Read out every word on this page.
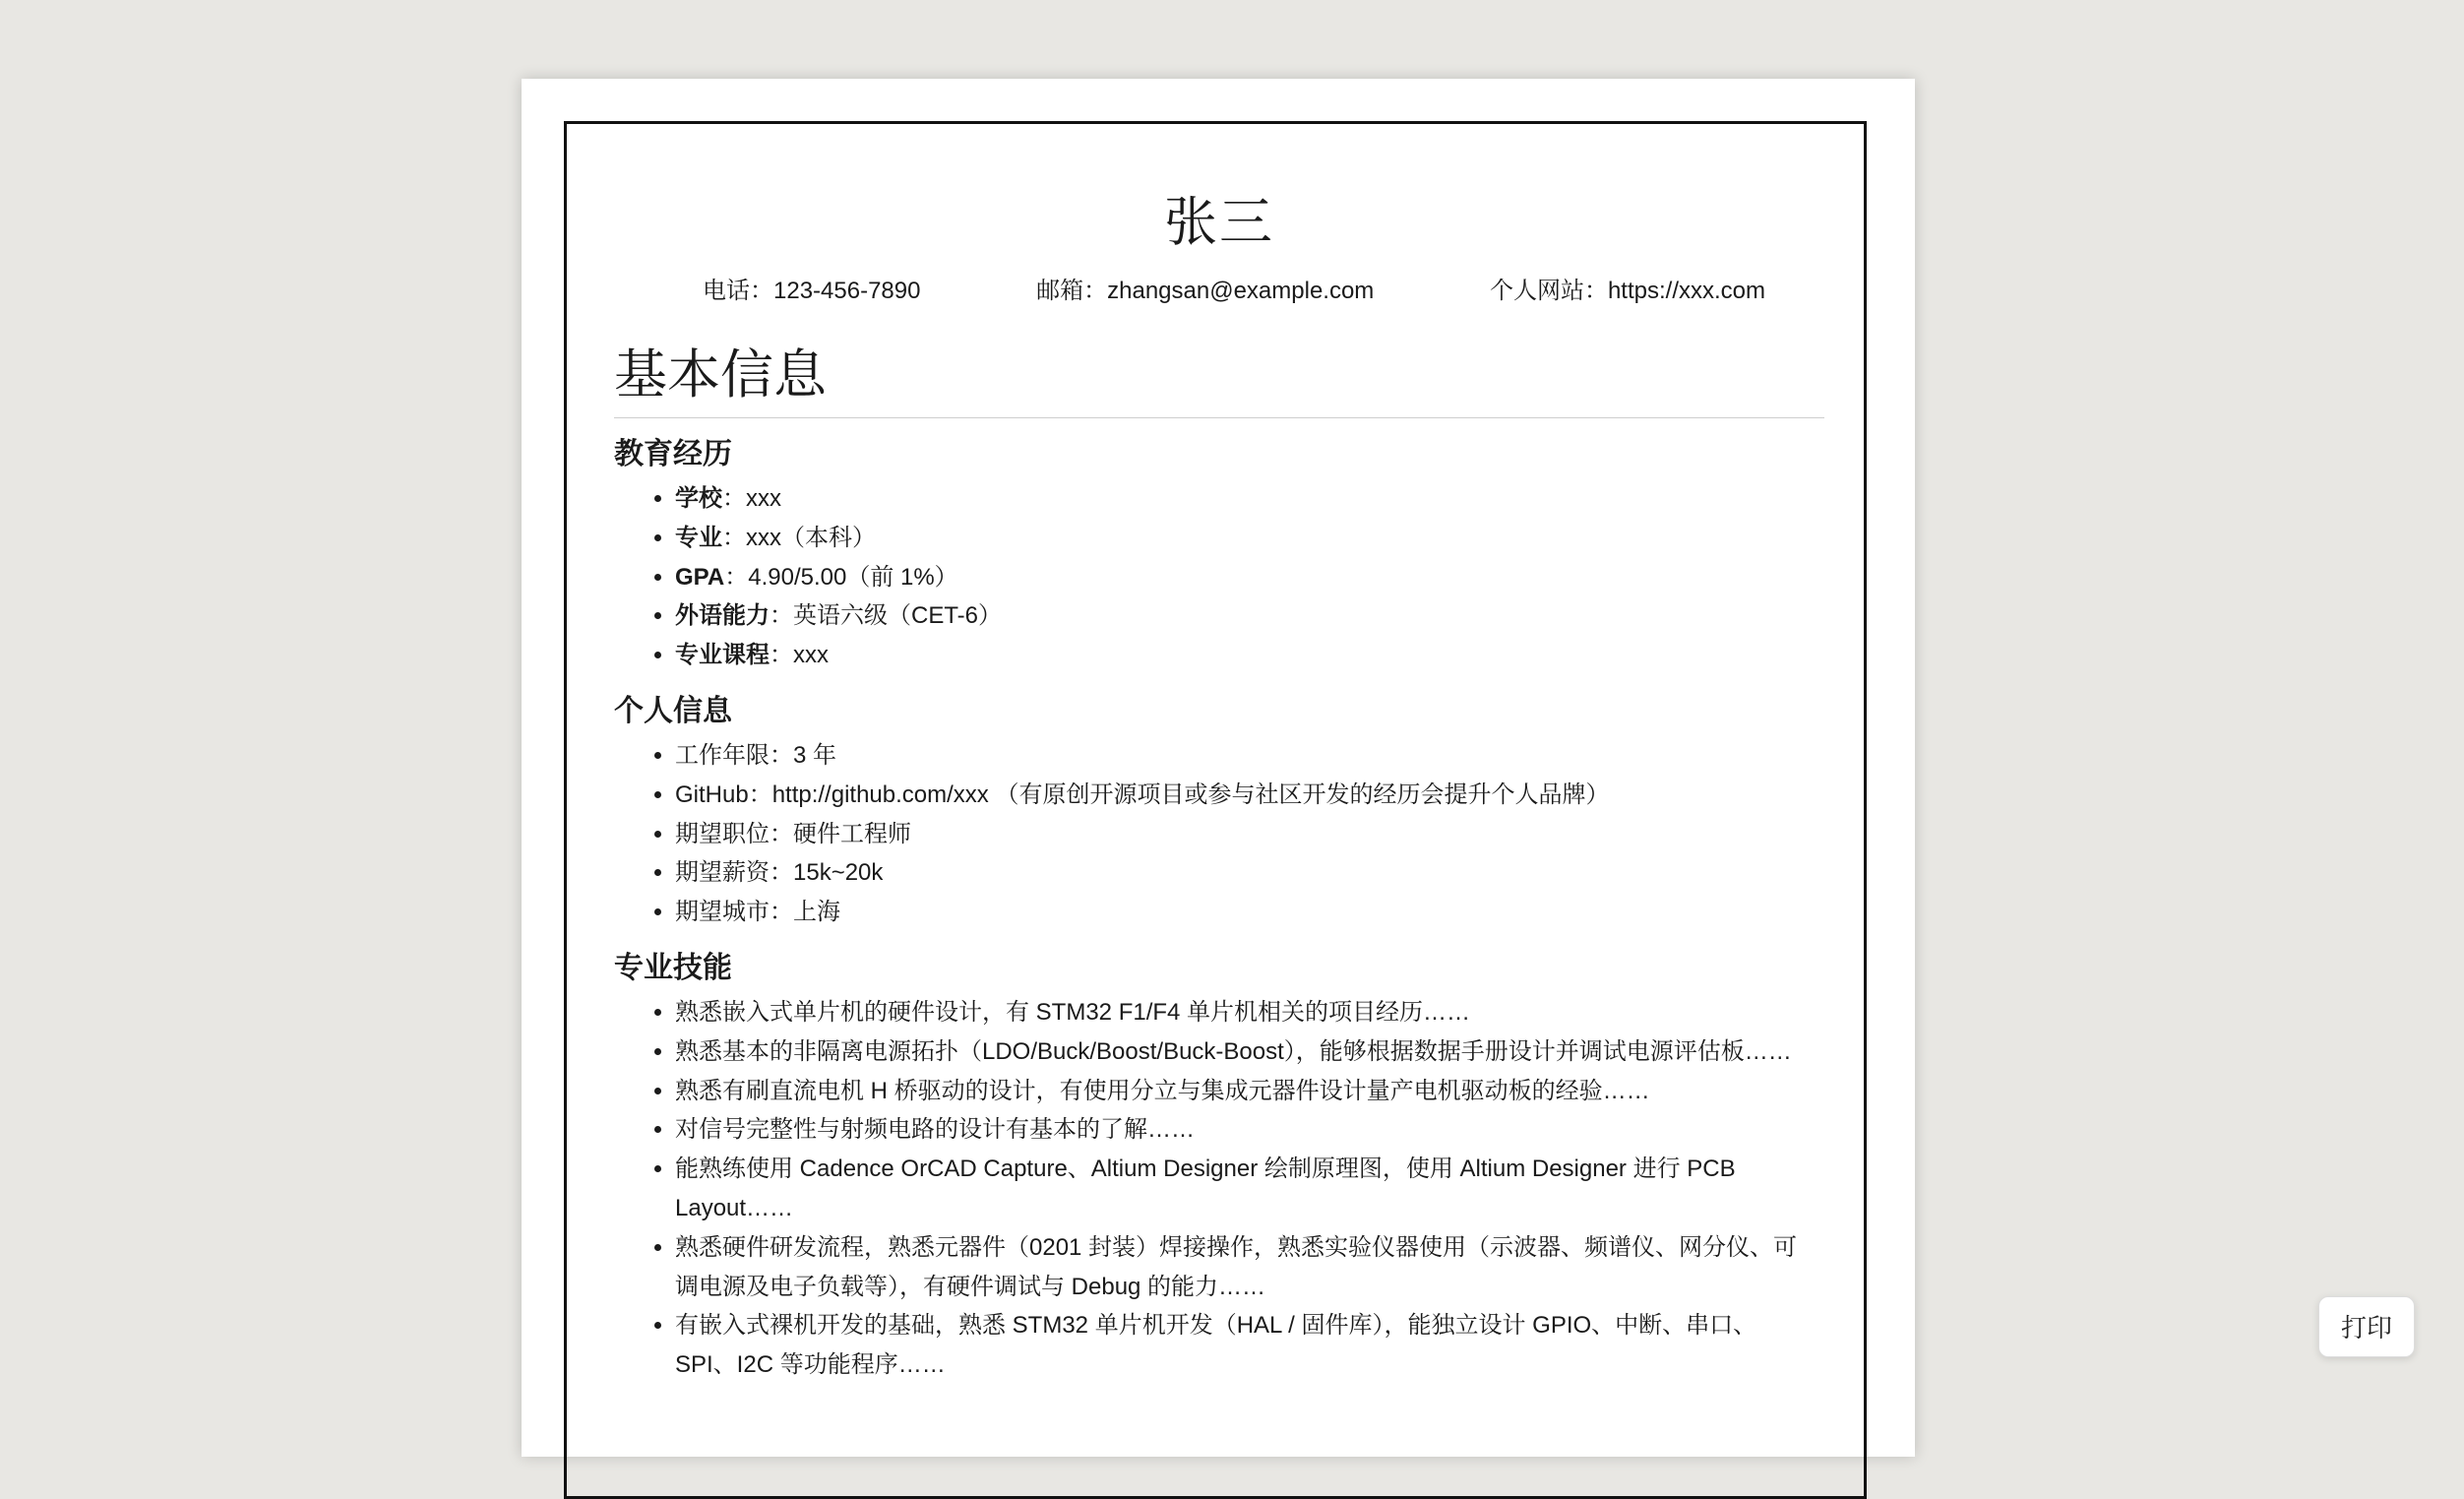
张三
电话：123-456-7890	邮箱：zhangsan@example.com	个人网站：https://xxx.com
基本信息
教育经历
• 学校：xxx
• 专业：xxx（本科）
• GPA：4.90/5.00（前 1%）
• 外语能力：英语六级（CET-6）
• 专业课程：xxx
个人信息
• 工作年限：3 年
• GitHub：http://github.com/xxx （有原创开源项目或参与社区开发的经历会提升个人品牌）
• 期望职位：硬件工程师
• 期望薪资：15k~20k
• 期望城市：上海
专业技能
• 熟悉嵌入式单片机的硬件设计，有 STM32 F1/F4 单片机相关的项目经历……
• 熟悉基本的非隔离电源拓扑（LDO/Buck/Boost/Buck-Boost），能够根据数据手册设计并调试电源评估板……
• 熟悉有刷直流电机 H 桥驱动的设计，有使用分立与集成元器件设计量产电机驱动板的经验……
• 对信号完整性与射频电路的设计有基本的了解……
• 能熟练使用 Cadence OrCAD Capture、Altium Designer 绘制原理图，使用 Altium Designer 进行 PCB Layout……
• 熟悉硬件研发流程，熟悉元器件（0201 封装）焊接操作，熟悉实验仪器使用（示波器、频谱仪、网分仪、可调电源及电子负载等），有硬件调试与 Debug 的能力……
• 有嵌入式裸机开发的基础，熟悉 STM32 单片机开发（HAL / 固件库），能独立设计 GPIO、中断、串口、SPI、I2C 等功能程序……
打印
